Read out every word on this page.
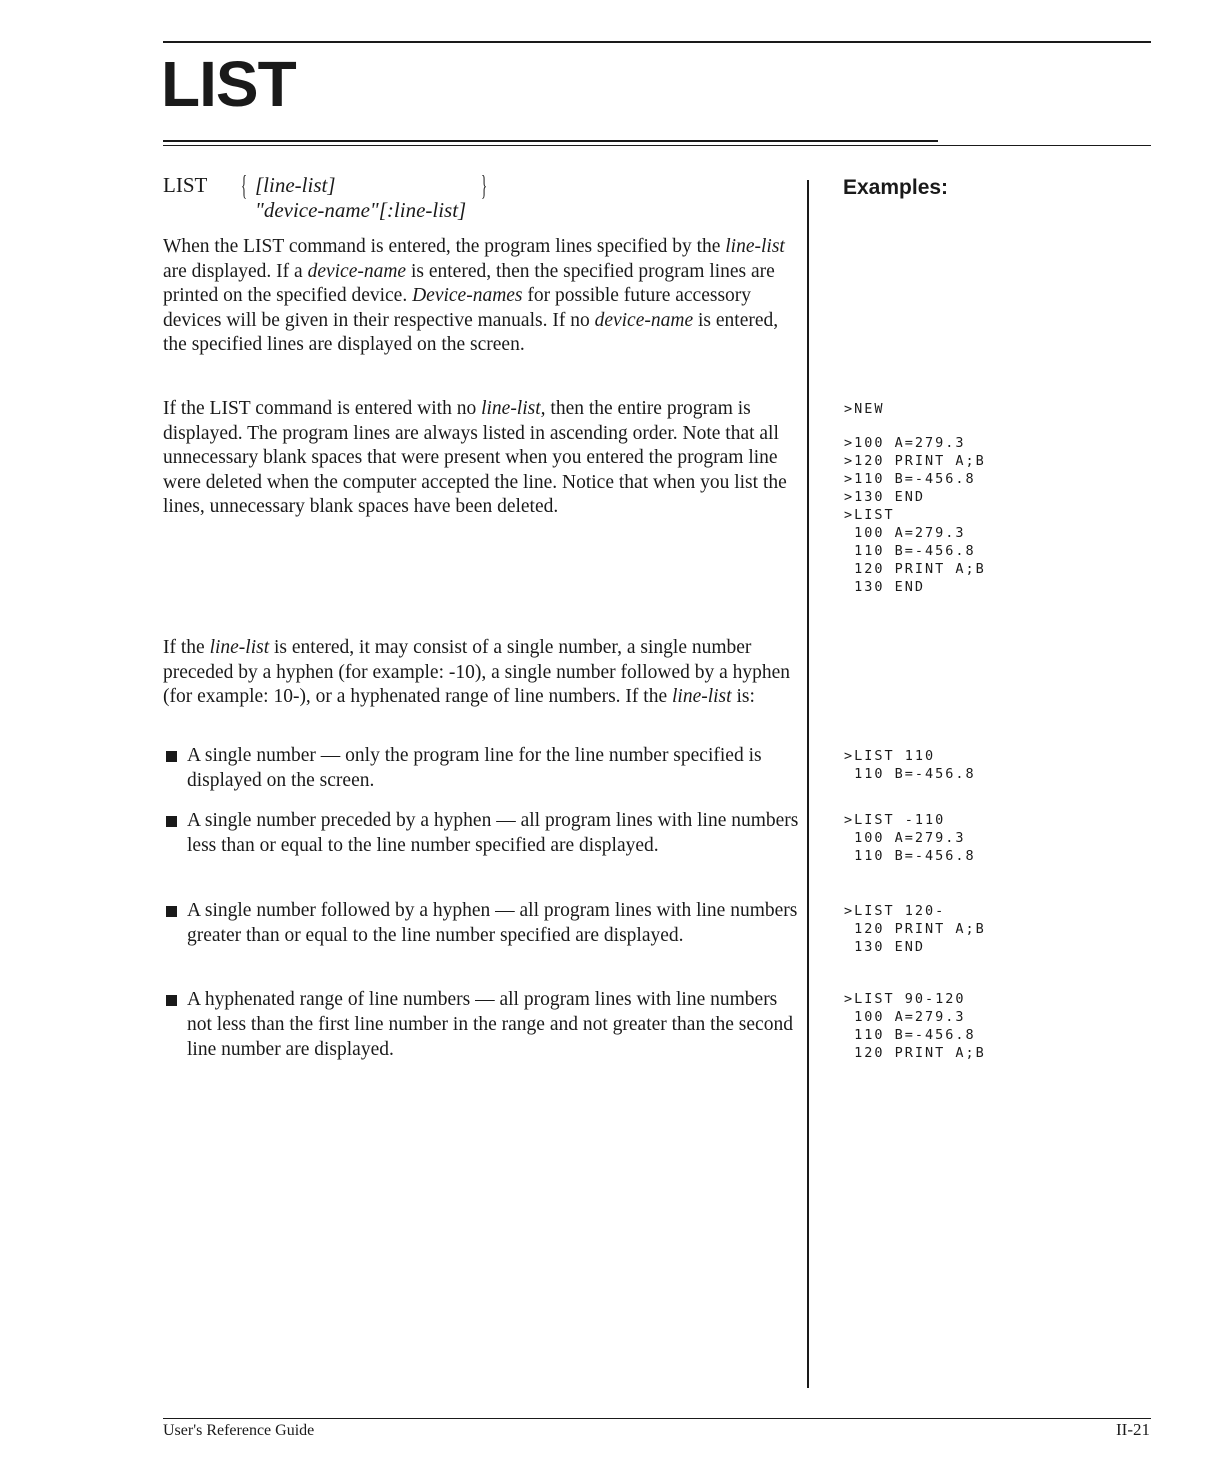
LIST
LIST { [line-list]
"device-name"[:line-list]
}

When the LIST command is entered, the program lines specified by the line-list are displayed. If a device-name is entered, then the specified program lines are printed on the specified device. Device-names for possible future accessory devices will be given in their respective manuals. If no device-name is entered, the specified lines are displayed on the screen.

If the LIST command is entered with no line-list, then the entire program is displayed. The program lines are always listed in ascending order. Note that all unnecessary blank spaces that were present when you entered the program line were deleted when the computer accepted the line. Notice that when you list the lines, unnecessary blank spaces have been deleted.

If the line-list is entered, it may consist of a single number, a single number preceded by a hyphen (for example: -10), a single number followed by a hyphen (for example: 10-), or a hyphenated range of line numbers. If the line-list is:

A single number — only the program line for the line number specified is displayed on the screen.
A single number preceded by a hyphen — all program lines with line numbers less than or equal to the line number specified are displayed.
A single number followed by a hyphen — all program lines with line numbers greater than or equal to the line number specified are displayed.
A hyphenated range of line numbers — all program lines with line numbers not less than the first line number in the range and not greater than the second line number are displayed.
Examples:
>NEW
>100 A=279.3
>120 PRINT A;B
>110 B=-456.8
>130 END
>LIST
100 A=279.3
110 B=-456.8
120 PRINT A;B
130 END
>LIST 110
110 B=-456.8
>LIST -110
100 A=279.3
110 B=-456.8
>LIST 120-
120 PRINT A;B
130 END
>LIST 90-120
100 A=279.3
110 B=-456.8
120 PRINT A;B
User's Reference Guide	II-21
